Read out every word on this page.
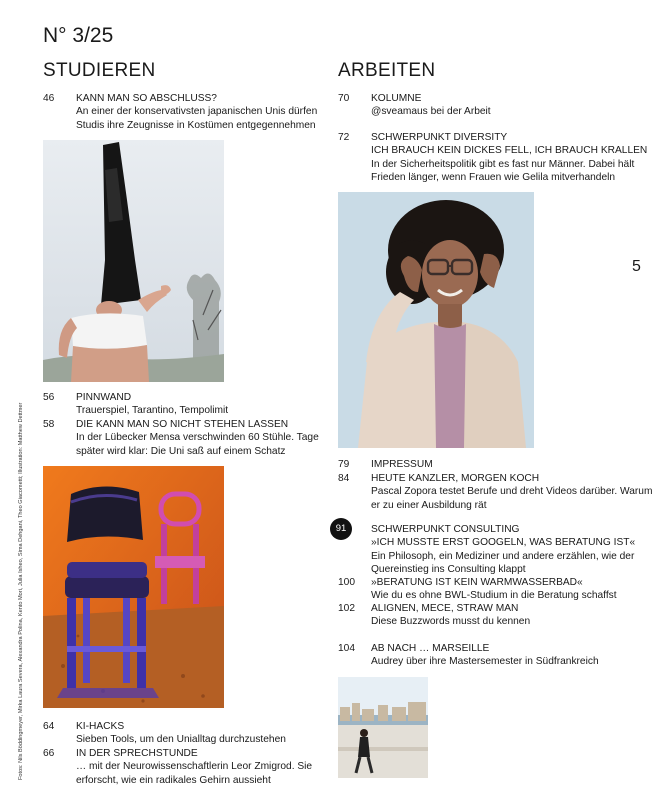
N° 3/25
STUDIEREN	ARBEITEN
5
46 KANN MAN SO ABSCHLUSS?
An einer der konservativsten japanischen Unis dürfen Studis ihre Zeugnisse in Kostümen entgegennehmen
56 PINNWAND
Trauerspiel, Tarantino, Tempolimit
58 DIE KANN MAN SO NICHT STEHEN LASSEN
In der Lübecker Mensa verschwinden 60 Stühle. Tage später wird klar: Die Uni saß auf einem Schatz
64 KI-HACKS
Sieben Tools, um den Unialltag durchzustehen
66 IN DER SPRECHSTUNDE
… mit der Neurowissenschaftlerin Leor Zmigrod. Sie erforscht, wie ein radikales Gehirn aussieht
70 KOLUMNE
@sveamaus bei der Arbeit
72 SCHWERPUNKT DIVERSITY
ICH BRAUCH KEIN DICKES FELL, ICH BRAUCH KRALLEN
In der Sicherheitspolitik gibt es fast nur Männer. Dabei hält Frieden länger, wenn Frauen wie Gelila mitverhandeln
79 IMPRESSUM
84 HEUTE KANZLER, MORGEN KOCH
Pascal Zopora testet Berufe und dreht Videos darüber. Warum er zu einer Ausbildung rät
91	SCHWERPUNKT CONSULTING
»ICH MUSSTE ERST GOOGELN, WAS BERATUNG IST«
Ein Philosoph, ein Mediziner und andere erzählen, wie der Quereinstieg ins Consulting klappt
100 »BERATUNG IST KEIN WARMWASSERBAD«
Wie du es ohne BWL-Studium in die Beratung schaffst
102 ALIGNEN, MECE, STRAW MAN
Diese Buzzwords musst du kennen
104 AB NACH … MARSEILLE
Audrey über ihre Mastersemester in Südfrankreich
Fotos: Nils Böddingmeyer, Mirka Laura Severa, Alexandra Polina, Kento Mori, Julia Isheo, Sima Dehgani, Theo Giacometti; Illustration: Matthew Dettmer
